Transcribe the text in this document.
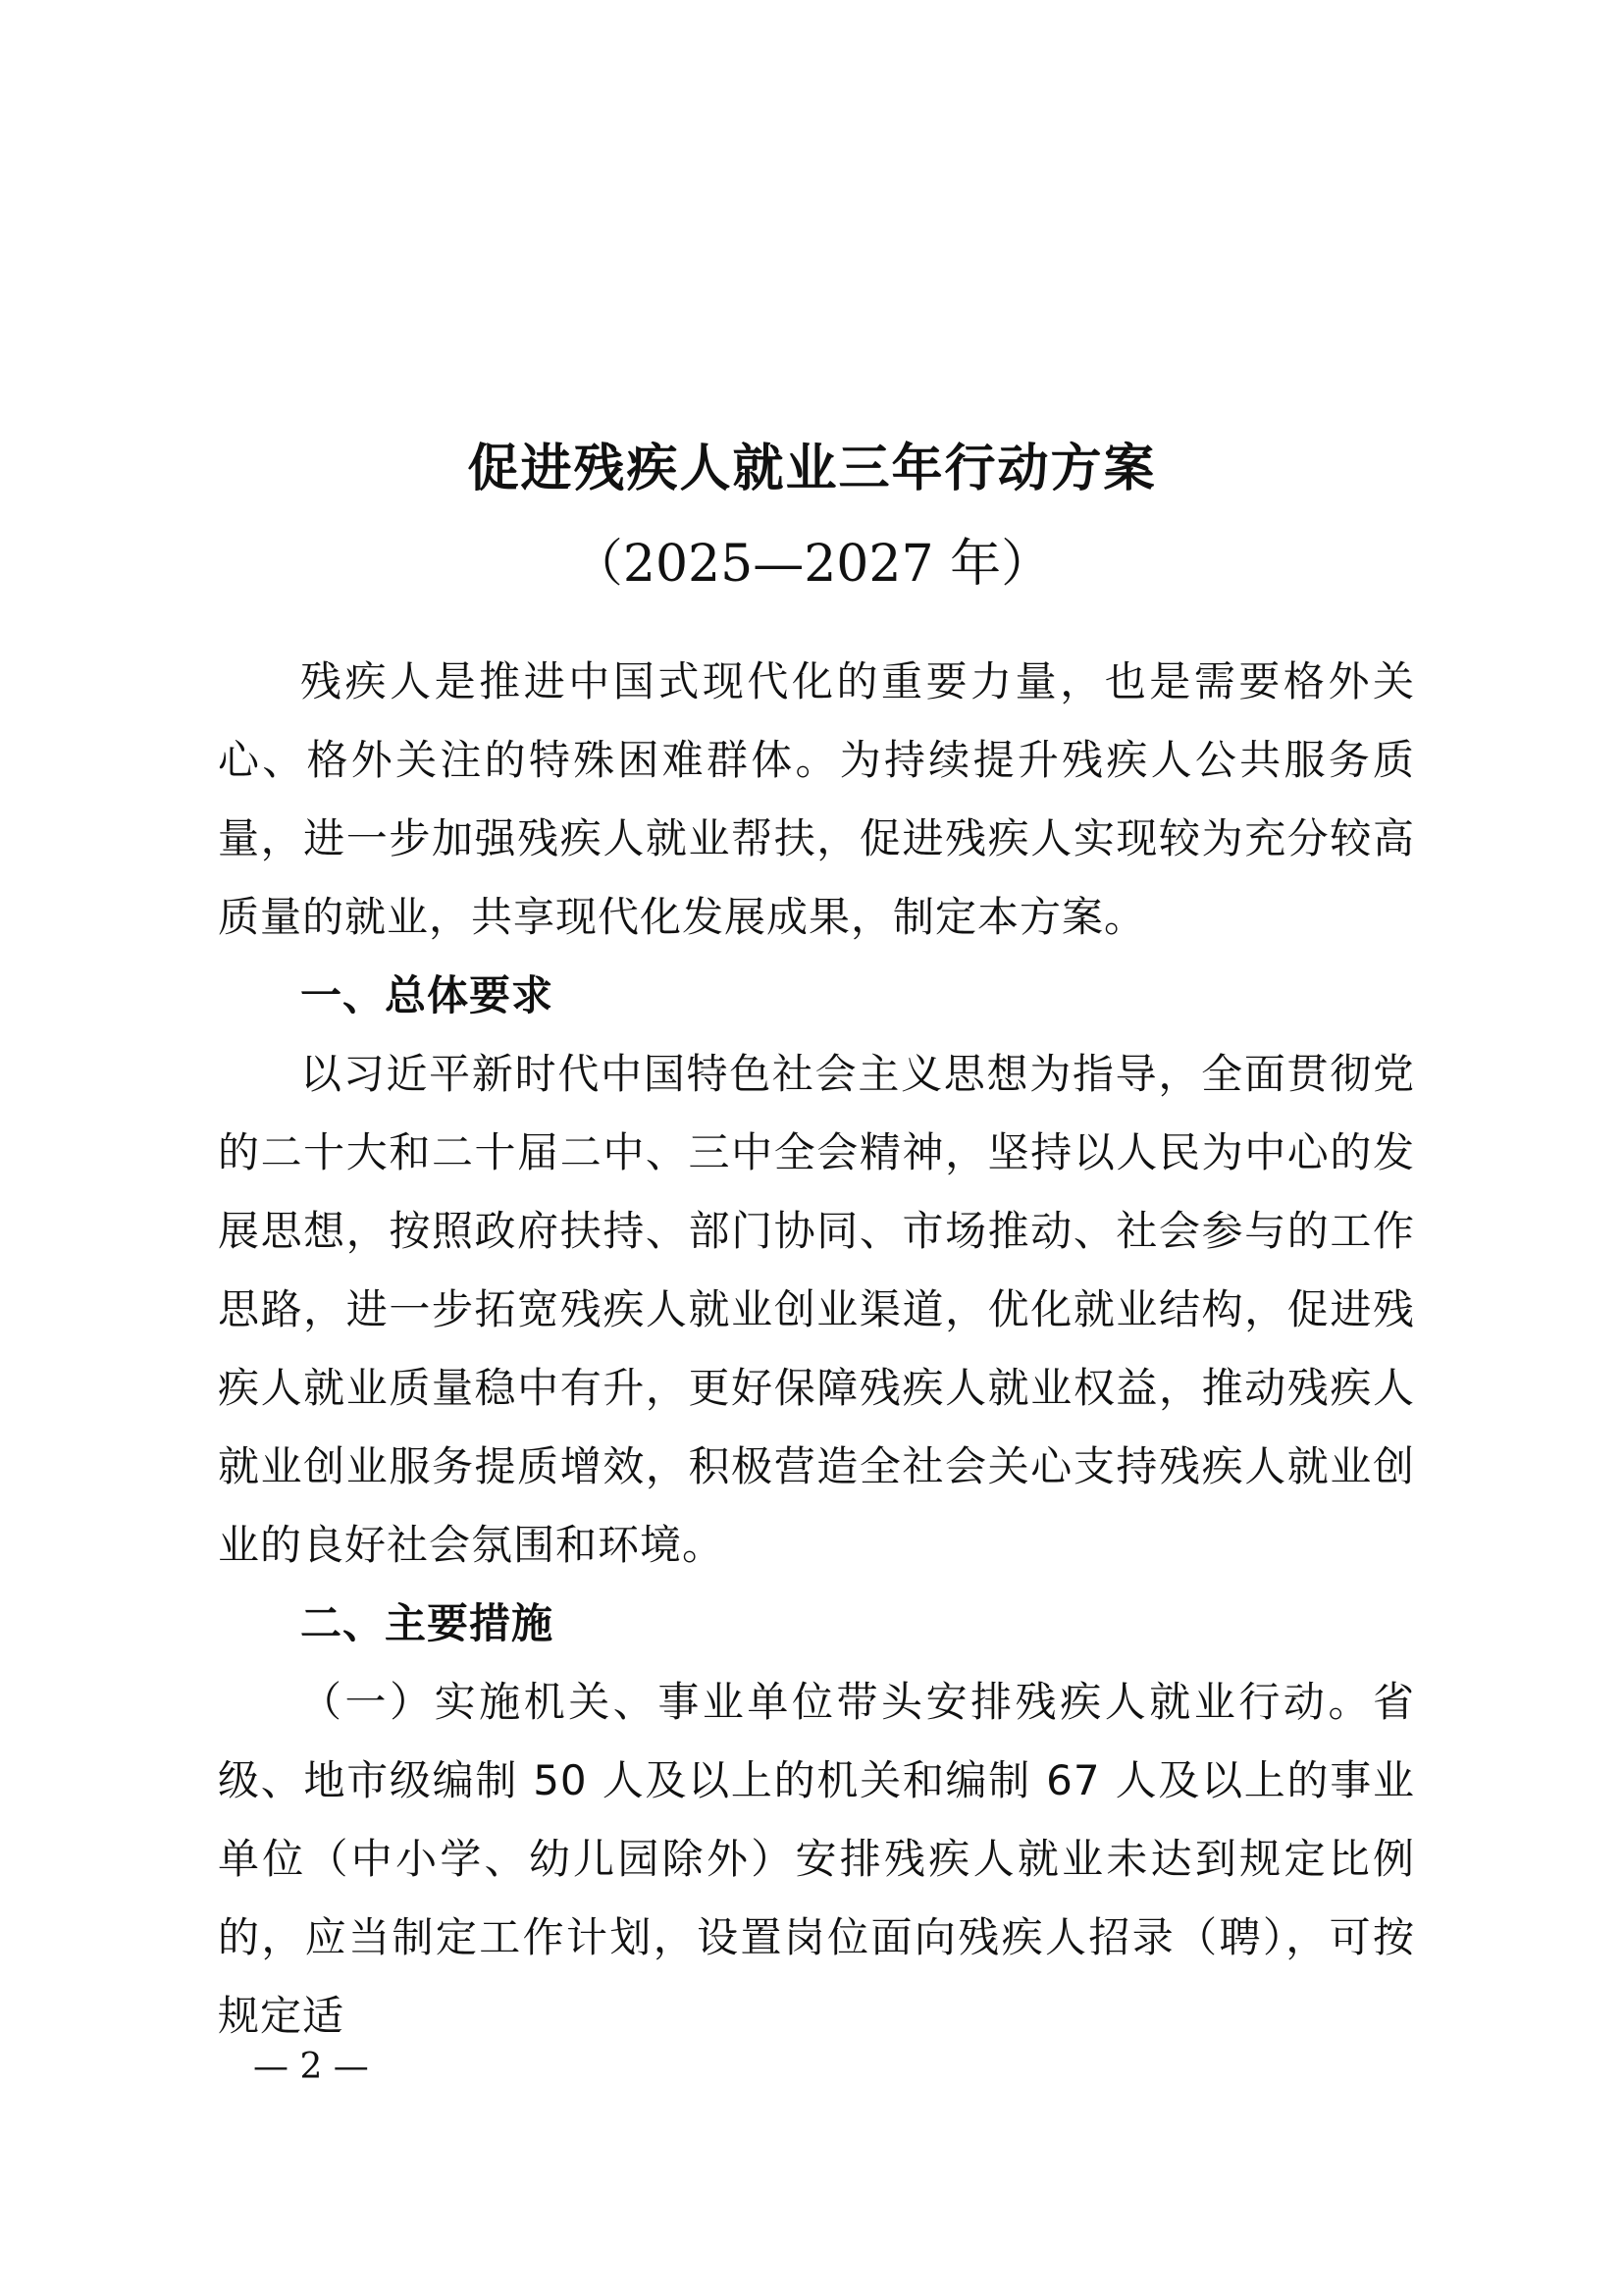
促进残疾人就业三年行动方案
（2025—2027 年）

残疾人是推进中国式现代化的重要力量，也是需要格外关心、格外关注的特殊困难群体。为持续提升残疾人公共服务质量，进一步加强残疾人就业帮扶，促进残疾人实现较为充分较高质量的就业，共享现代化发展成果，制定本方案。

一、总体要求

以习近平新时代中国特色社会主义思想为指导，全面贯彻党的二十大和二十届二中、三中全会精神，坚持以人民为中心的发展思想，按照政府扶持、部门协同、市场推动、社会参与的工作思路，进一步拓宽残疾人就业创业渠道，优化就业结构，促进残疾人就业质量稳中有升，更好保障残疾人就业权益，推动残疾人就业创业服务提质增效，积极营造全社会关心支持残疾人就业创业的良好社会氛围和环境。

二、主要措施

（一）实施机关、事业单位带头安排残疾人就业行动。省级、地市级编制 50 人及以上的机关和编制 67 人及以上的事业单位（中小学、幼儿园除外）安排残疾人就业未达到规定比例的，应当制定工作计划，设置岗位面向残疾人招录（聘），可按规定适

— 2 —
